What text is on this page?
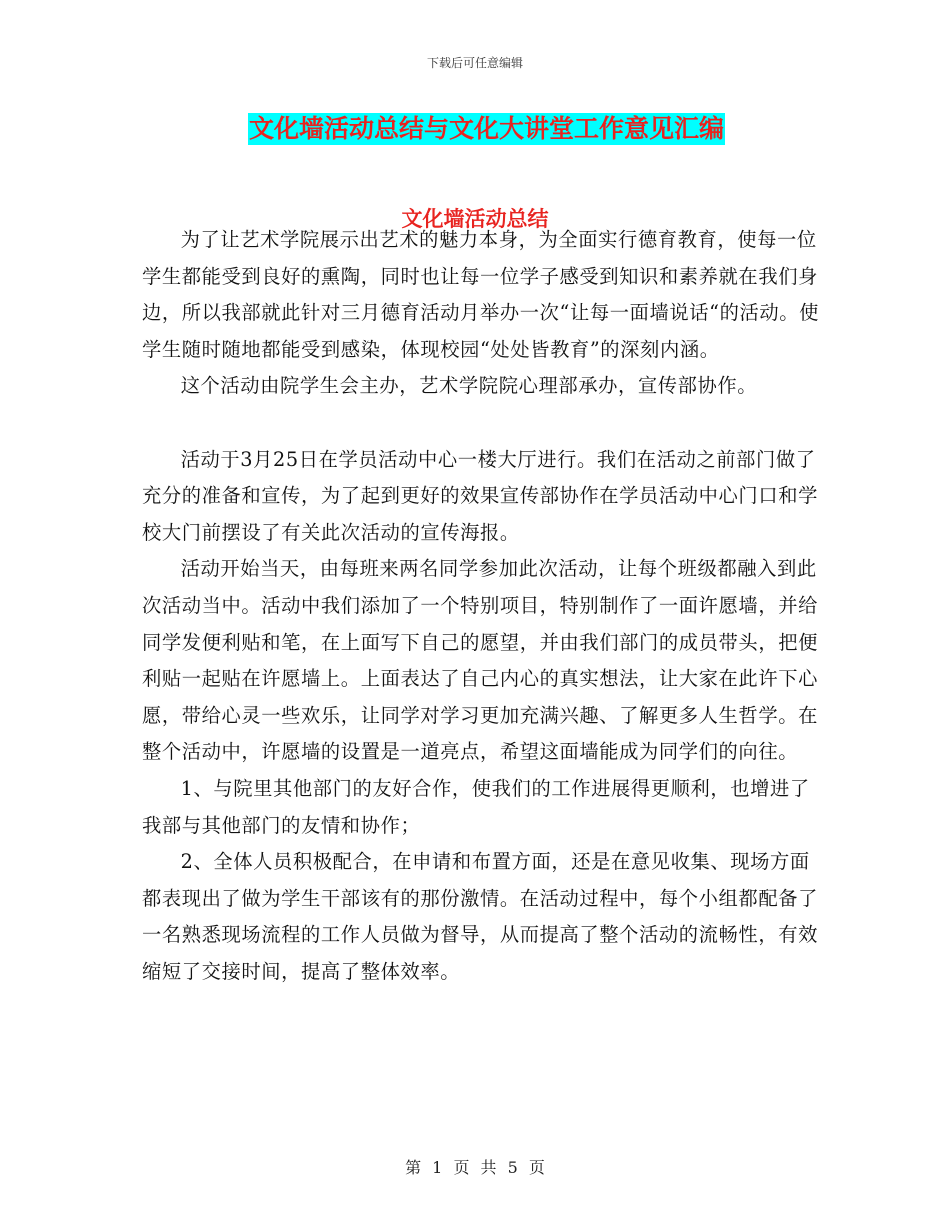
下载后可任意编辑
文化墙活动总结与文化大讲堂工作意见汇编
文化墙活动总结

为了让艺术学院展示出艺术的魅力本身，为全面实行德育教育，使每一位学生都能受到良好的熏陶，同时也让每一位学子感受到知识和素养就在我们身边，所以我部就此针对三月德育活动月举办一次“让每一面墙说话“的活动。使学生随时随地都能受到感染，体现校园“处处皆教育”的深刻内涵。

这个活动由院学生会主办，艺术学院院心理部承办，宣传部协作。

活动于3月25日在学员活动中心一楼大厅进行。我们在活动之前部门做了充分的准备和宣传，为了起到更好的效果宣传部协作在学员活动中心门口和学校大门前摆设了有关此次活动的宣传海报。

活动开始当天，由每班来两名同学参加此次活动，让每个班级都融入到此次活动当中。活动中我们添加了一个特别项目，特别制作了一面许愿墙，并给同学发便利贴和笔，在上面写下自己的愿望，并由我们部门的成员带头，把便利贴一起贴在许愿墙上。上面表达了自己内心的真实想法，让大家在此许下心愿，带给心灵一些欢乐，让同学对学习更加充满兴趣、了解更多人生哲学。在整个活动中，许愿墙的设置是一道亮点，希望这面墙能成为同学们的向往。

1、与院里其他部门的友好合作，使我们的工作进展得更顺利，也增进了我部与其他部门的友情和协作；

2、全体人员积极配合，在申请和布置方面，还是在意见收集、现场方面都表现出了做为学生干部该有的那份激情。在活动过程中，每个小组都配备了一名熟悉现场流程的工作人员做为督导，从而提高了整个活动的流畅性，有效缩短了交接时间，提高了整体效率。

第 1 页 共 5 页
